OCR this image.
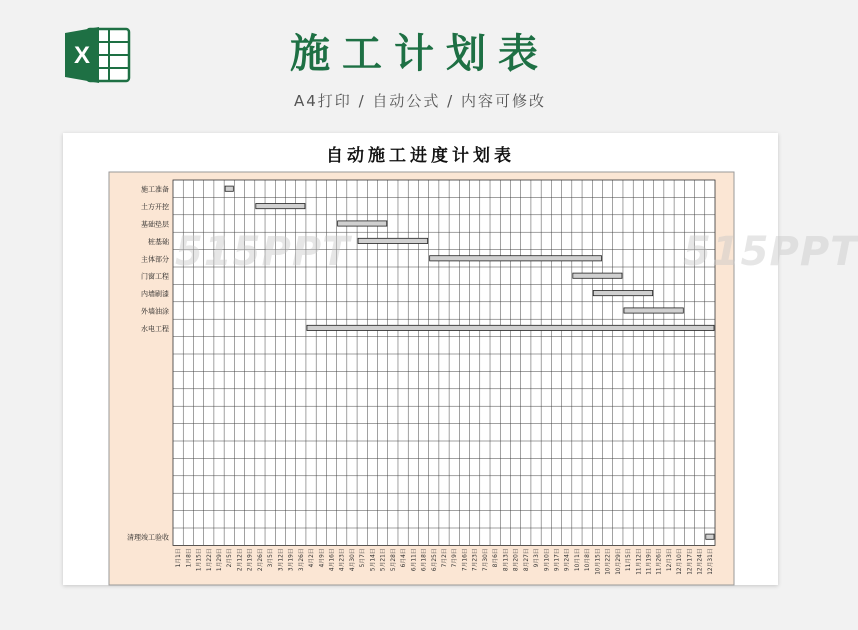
X	施工计划表
A4打印 / 自动公式 / 内容可修改
自动施工进度计划表
施工准备
土方开挖
基础垫层
桩基础
主体部分
门窗工程
内墙刷漆
外墙油涂
水电工程
清理竣工验收
1月1日 1月8日 1月15日 1月22日 1月29日 2月5日 2月12日 2月19日 2月26日 3月5日 3月12日 3月19日 3月26日 4月2日 4月9日 4月16日 4月23日 4月30日 5月7日 5月14日 5月21日 5月28日 6月4日 6月11日 6月18日 6月25日 7月2日 7月9日 7月16日 7月23日 7月30日 8月6日 8月13日 8月20日 8月27日 9月3日 9月10日 9月17日 9月24日 10月1日 10月8日 10月15日 10月22日 10月29日 11月5日 11月12日 11月19日 11月26日 12月3日 12月10日 12月17日 12月24日 12月31日
515PPT	515PPT
